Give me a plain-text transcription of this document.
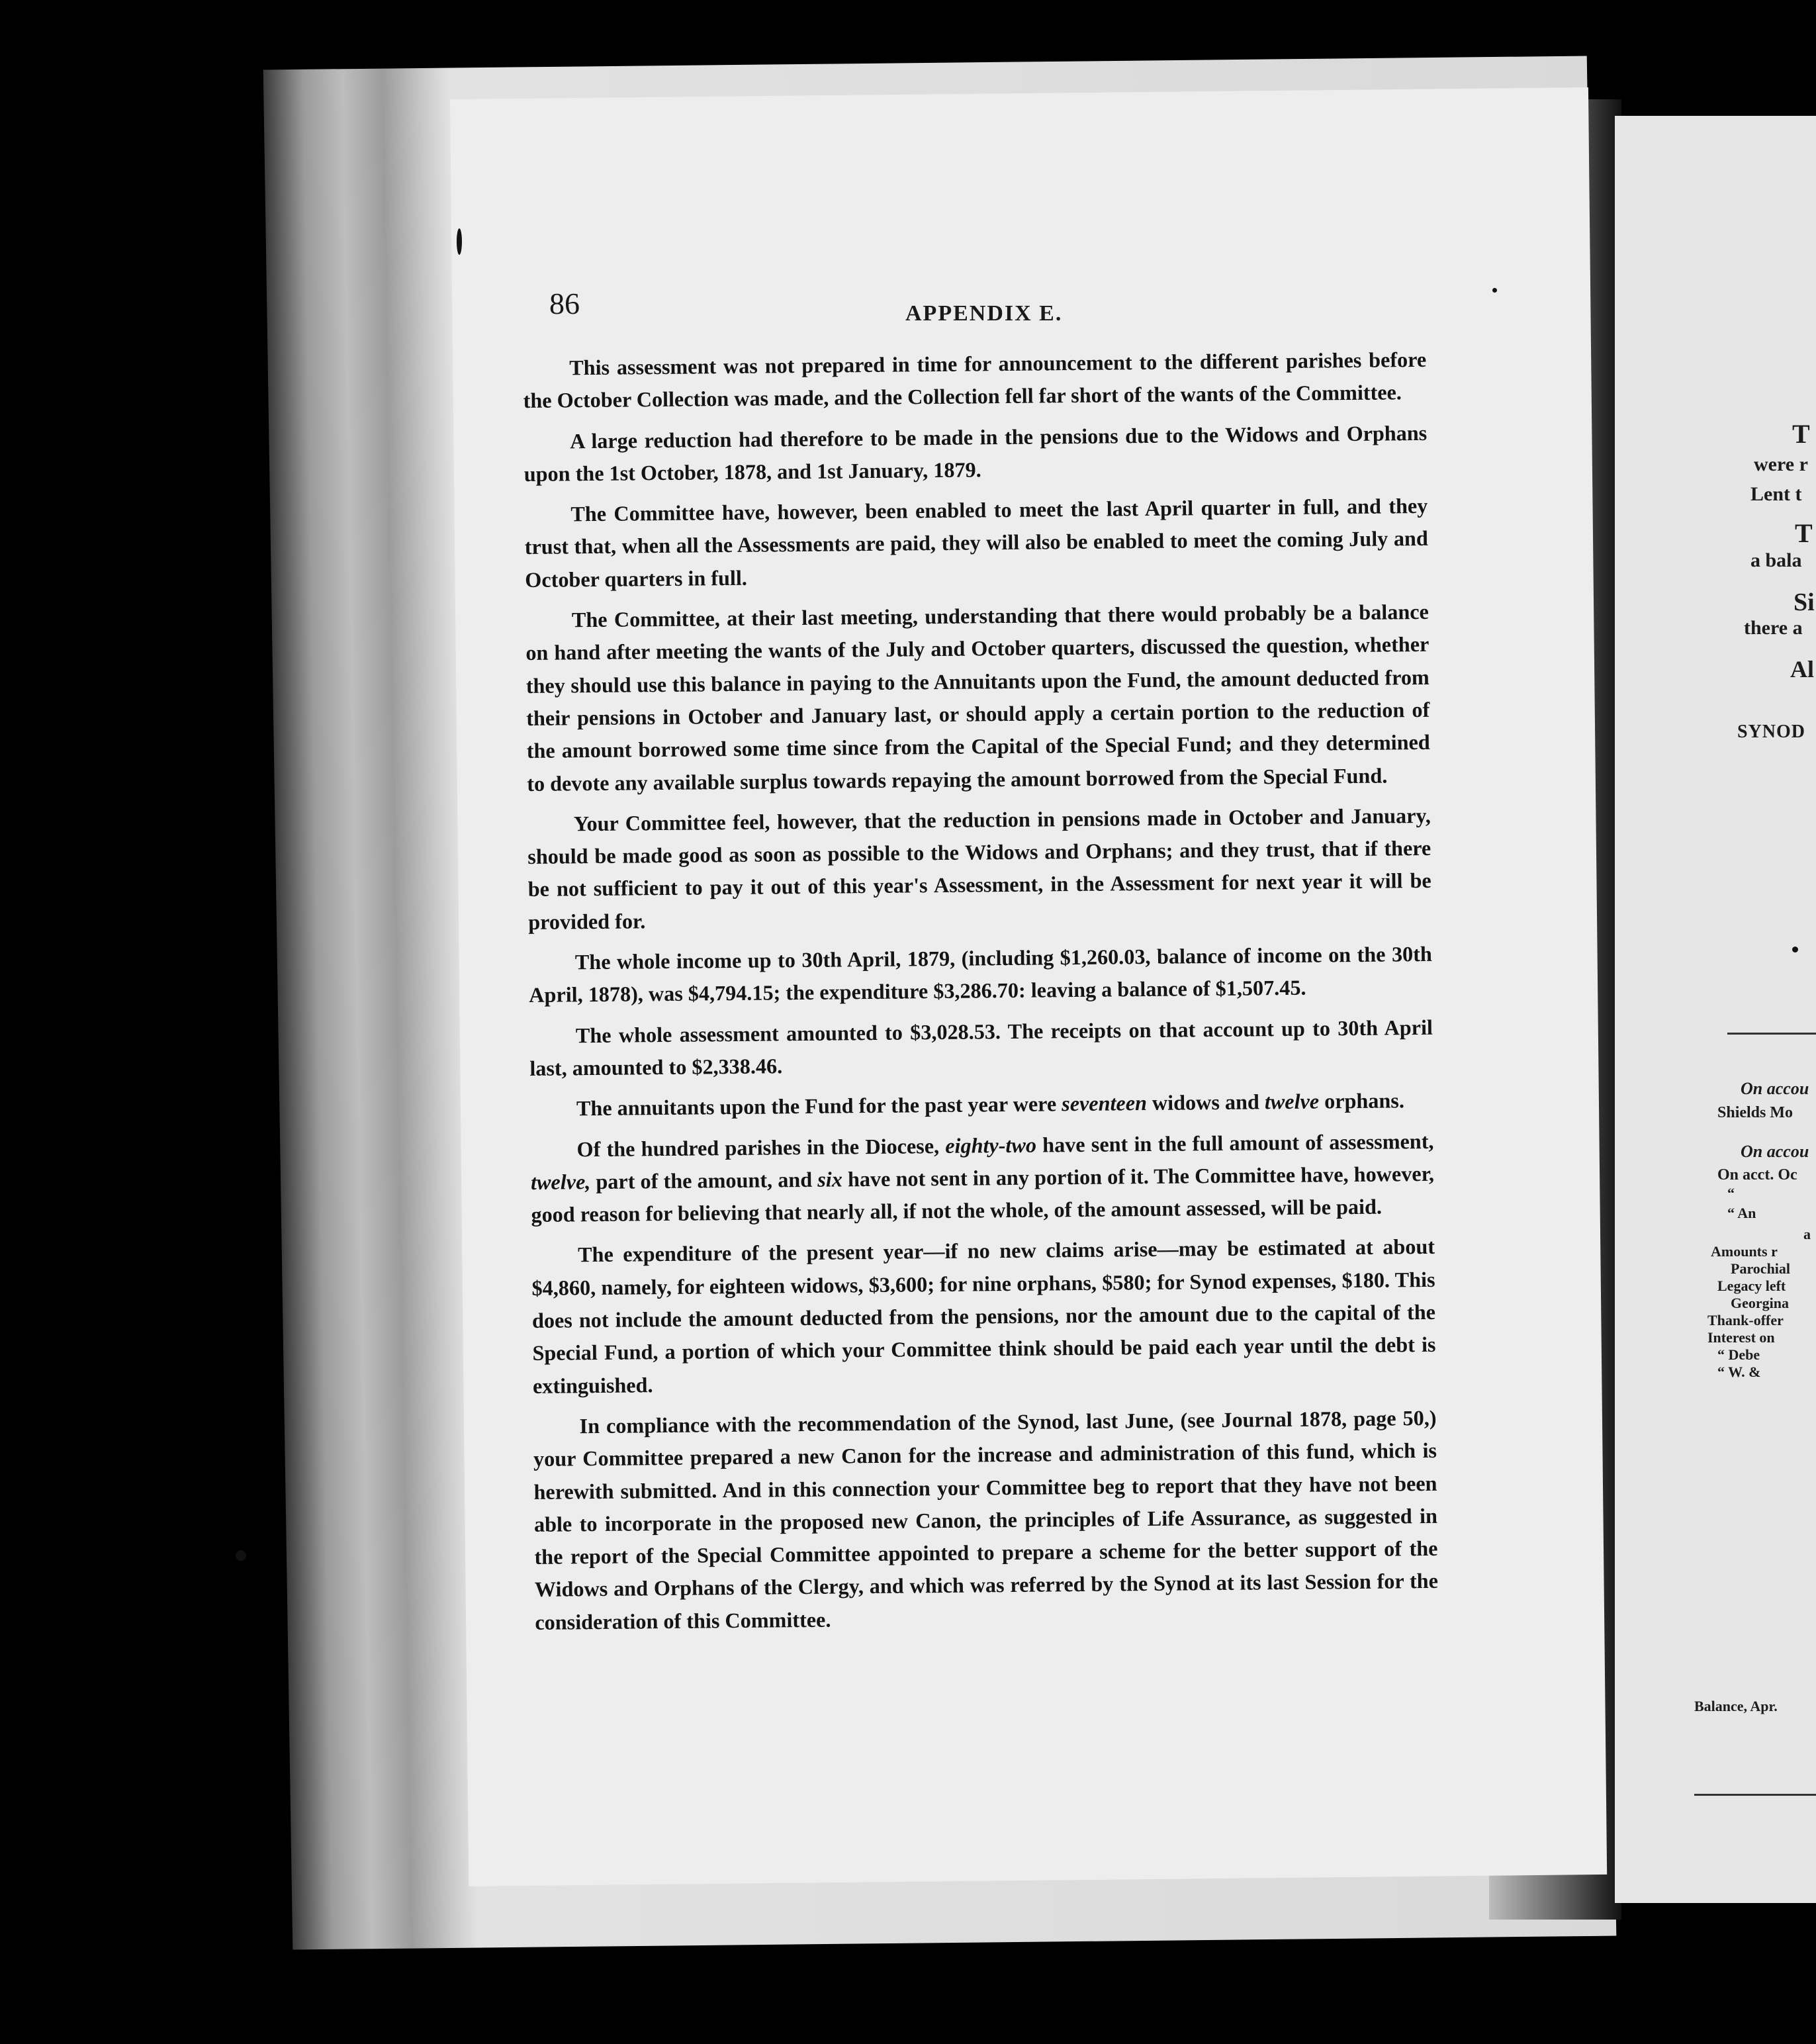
86	APPENDIX E.

This assessment was not prepared in time for announcement to the different parishes before the October Collection was made, and the Collection fell far short of the wants of the Committee.

A large reduction had therefore to be made in the pensions due to the Widows and Orphans upon the 1st October, 1878, and 1st January, 1879.

The Committee have, however, been enabled to meet the last April quarter in full, and they trust that, when all the Assessments are paid, they will also be enabled to meet the coming July and October quarters in full.

The Committee, at their last meeting, understanding that there would probably be a balance on hand after meeting the wants of the July and October quarters, discussed the question, whether they should use this balance in paying to the Annuitants upon the Fund, the amount deducted from their pensions in October and January last, or should apply a certain portion to the reduction of the amount borrowed some time since from the Capital of the Special Fund; and they determined to devote any available surplus towards repaying the amount borrowed from the Special Fund.

Your Committee feel, however, that the reduction in pensions made in October and January, should be made good as soon as possible to the Widows and Orphans; and they trust, that if there be not sufficient to pay it out of this year's Assessment, in the Assessment for next year it will be provided for.

The whole income up to 30th April, 1879, (including $1,260.03, balance of income on the 30th April, 1878), was $4,794.15; the expenditure $3,286.70: leaving a balance of $1,507.45.

The whole assessment amounted to $3,028.53. The receipts on that account up to 30th April last, amounted to $2,338.46.

The annuitants upon the Fund for the past year were seventeen widows and twelve orphans.

Of the hundred parishes in the Diocese, eighty-two have sent in the full amount of assessment, twelve, part of the amount, and six have not sent in any portion of it. The Committee have, however, good reason for believing that nearly all, if not the whole, of the amount assessed, will be paid.

The expenditure of the present year—if no new claims arise—may be estimated at about $4,860, namely, for eighteen widows, $3,600; for nine orphans, $580; for Synod expenses, $180. This does not include the amount deducted from the pensions, nor the amount due to the capital of the Special Fund, a portion of which your Committee think should be paid each year until the debt is extinguished.

In compliance with the recommendation of the Synod, last June, (see Journal 1878, page 50,) your Committee prepared a new Canon for the increase and administration of this fund, which is herewith submitted. And in this connection your Committee beg to report that they have not been able to incorporate in the proposed new Canon, the principles of Life Assurance, as suggested in the report of the Special Committee appointed to prepare a scheme for the better support of the Widows and Orphans of the Clergy, and which was referred by the Synod at its last Session for the consideration of this Committee.

T
were r
Lent t
T
a bala
Si
there a
Al
SYNOD
On accou
Shields Mo
On accou
On acct. Oc
“
“ An
a
Amounts r
Parochial
Legacy left
Georgina
Thank-offer
Interest on
“ Debe
“ W. &
Balance, Apr.
